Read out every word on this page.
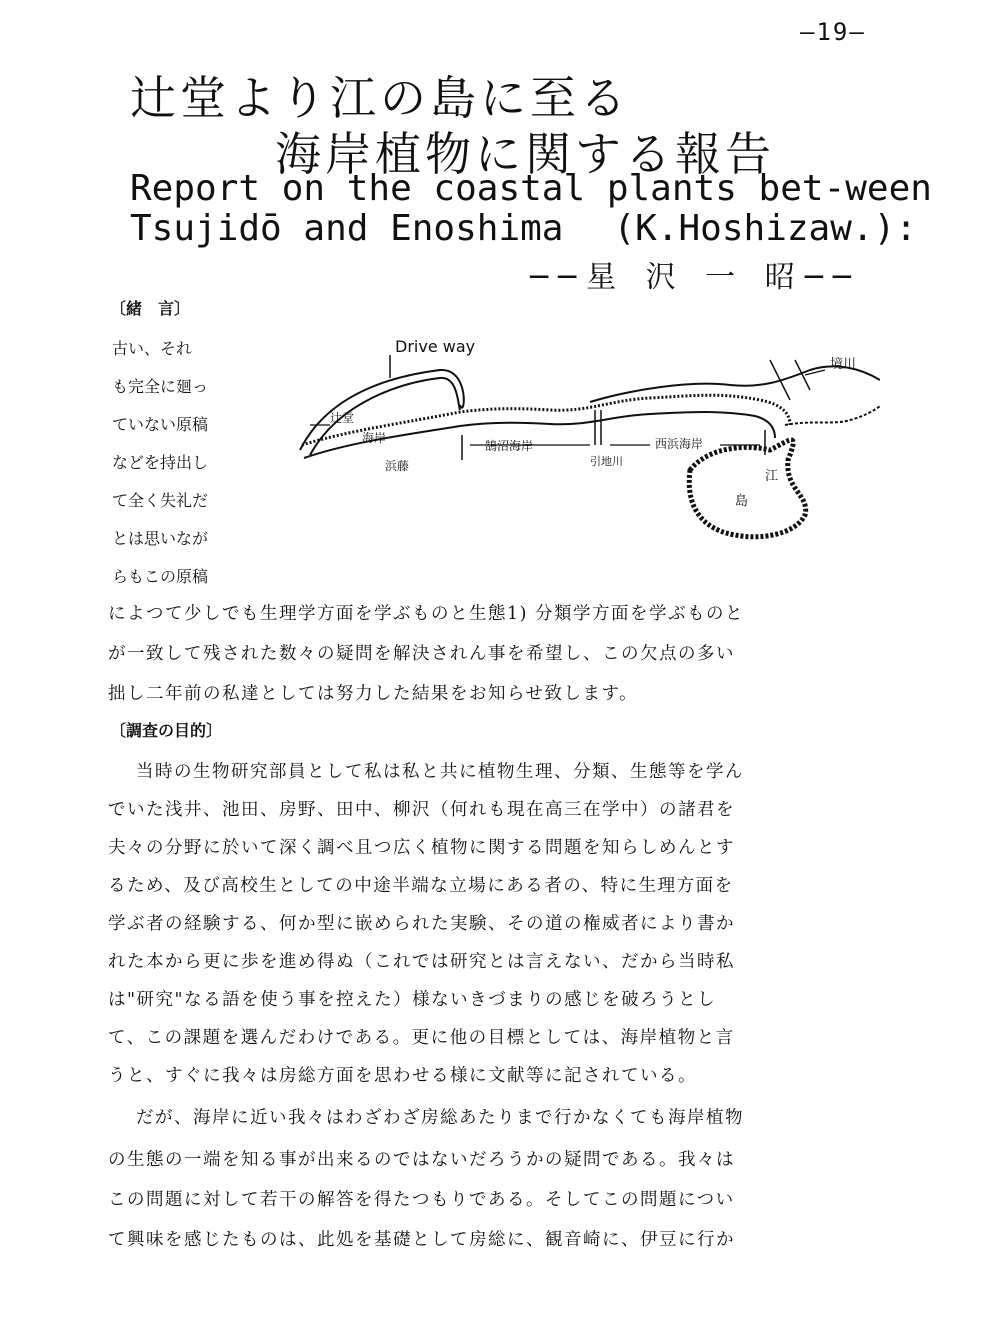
—19—
辻堂より江の島に至る
海岸植物に関する報告
Report on the coastal plants bet-ween
Tsujidō and Enoshima (K.Hoshizaw.):
──星 沢 一 昭──
〔緒　言〕
古い、それ
も完全に廻っ
ていない原稿
などを持出し
て全く失礼だ
とは思いなが
らもこの原稿
Drive way
境川
辻堂
海岸
浜藤
鵠沼海岸
引地川
西浜海岸
江
島
によつて少しでも生理学方面を学ぶものと生態1) 分類学方面を学ぶものと
が一致して残された数々の疑問を解決されん事を希望し、この欠点の多い
拙し二年前の私達としては努力した結果をお知らせ致します。
〔調査の目的〕
当時の生物研究部員として私は私と共に植物生理、分類、生態等を学ん
でいた浅井、池田、房野、田中、柳沢（何れも現在高三在学中）の諸君を
夫々の分野に於いて深く調べ且つ広く植物に関する問題を知らしめんとす
るため、及び高校生としての中途半端な立場にある者の、特に生理方面を
学ぶ者の経験する、何か型に嵌められた実験、その道の権威者により書か
れた本から更に歩を進め得ぬ（これでは研究とは言えない、だから当時私
は"研究"なる語を使う事を控えた）様ないきづまりの感じを破ろうとし
て、この課題を選んだわけである。更に他の目標としては、海岸植物と言
うと、すぐに我々は房総方面を思わせる様に文献等に記されている。
だが、海岸に近い我々はわざわざ房総あたりまで行かなくても海岸植物
の生態の一端を知る事が出来るのではないだろうかの疑問である。我々は
この問題に対して若干の解答を得たつもりである。そしてこの問題につい
て興味を感じたものは、此処を基礎として房総に、観音崎に、伊豆に行か
